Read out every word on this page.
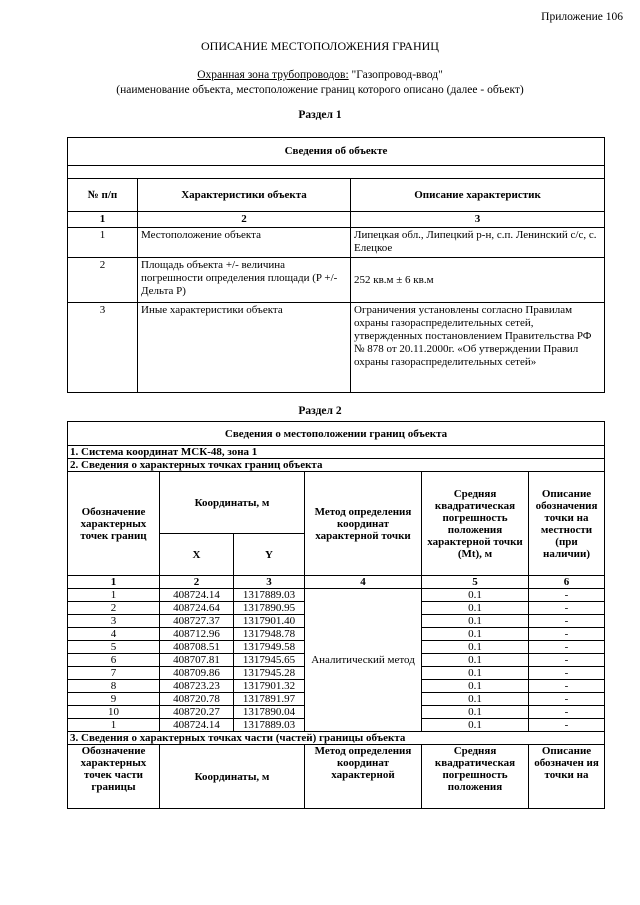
Приложение 106
ОПИСАНИЕ МЕСТОПОЛОЖЕНИЯ ГРАНИЦ
Охранная зона трубопроводов: "Газопровод-ввод"
(наименование объекта, местоположение границ которого описано (далее - объект)
Раздел 1
Сведения об объекте		

№ п/п	Характеристики объекта	Описание характеристик
1	2	3
1	Местоположение объекта	Липецкая обл., Липецкий р-н, с.п. Ленинский с/с, с. Елецкое
2	Площадь объекта +/- величина погрешности определения площади (P +/- Дельта P)	252 кв.м ± 6 кв.м
3	Иные характеристики объекта	Ограничения установлены согласно Правилам охраны газораспределительных сетей, утвержденных постановлением Правительства РФ № 878 от 20.11.2000г. «Об утверждении Правил охраны газораспределительных сетей»
Раздел 2
Сведения о местоположении границ объекта					
1. Система координат МСК-48, зона 1					
2. Сведения о характерных точках границ объекта					
Обозначение характерных точек границ	Координаты, м		Метод определения координат характерной точки	Средняя квадратическая погрешность положения характерной точки (Mt), м	Описание обозначения точки на местности (при наличии)
	X	Y			
1	2	3	4	5	6
1	408724.14	1317889.03	Аналитический метод	0.1	-
2	408724.64	1317890.95		0.1	-
3	408727.37	1317901.40		0.1	-
4	408712.96	1317948.78		0.1	-
5	408708.51	1317949.58		0.1	-
6	408707.81	1317945.65		0.1	-
7	408709.86	1317945.28		0.1	-
8	408723.23	1317901.32		0.1	-
9	408720.78	1317891.97		0.1	-
10	408720.27	1317890.04		0.1	-
1	408724.14	1317889.03		0.1	-
3. Сведения о характерных точках части (частей) границы объекта					
Обозначение характерных точек части границы	Координаты, м		Метод определения координат характерной	Средняя квадратическая погрешность положения	Описание обозначен ия точки на
